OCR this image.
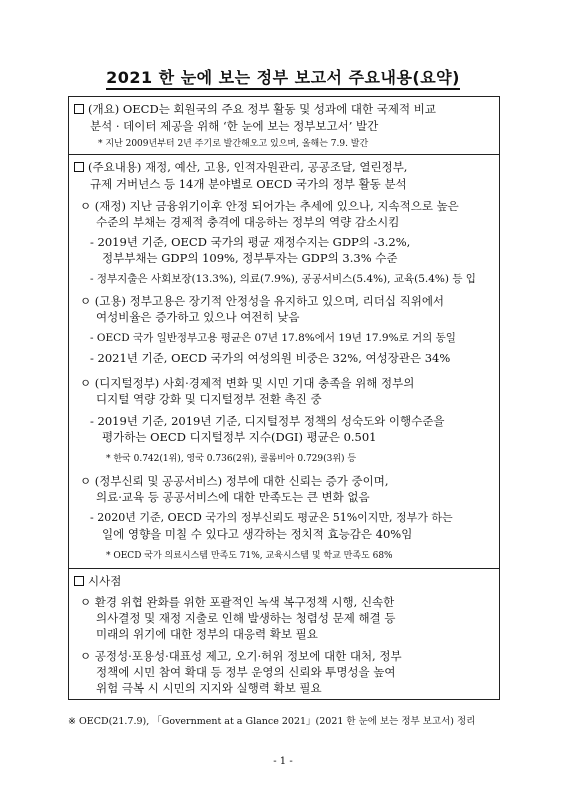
2021 한 눈에 보는 정부 보고서 주요내용(요약)
(개요) OECD는 회원국의 주요 정부 활동 및 성과에 대한 국제적 비교
분석 · 데이터 제공을 위해 ‘한 눈에 보는 정부보고서’ 발간
* 지난 2009년부터 2년 주기로 발간해오고 있으며, 올해는 7.9. 발간
(주요내용) 재정, 예산, 고용, 인적자원관리, 공공조달, 열린정부,
규제 거버넌스 등 14개 분야별로 OECD 국가의 정부 활동 분석
ㅇ (재정) 지난 금융위기이후 안정 되어가는 추세에 있으나, 지속적으로 높은
수준의 부채는 경제적 충격에 대응하는 정부의 역량 감소시킴
- 2019년 기준, OECD 국가의 평균 재정수지는 GDP의 -3.2%,
정부부채는 GDP의 109%, 정부투자는 GDP의 3.3% 수준
- 정부지출은 사회보장(13.3%), 의료(7.9%), 공공서비스(5.4%), 교육(5.4%) 등 입
ㅇ (고용) 정부고용은 장기적 안정성을 유지하고 있으며, 리더십 직위에서
여성비율은 증가하고 있으나 여전히 낮음
- OECD 국가 일반정부고용 평균은 07년 17.8%에서 19년 17.9%로 거의 동일
- 2021년 기준, OECD 국가의 여성의원 비중은 32%, 여성장관은 34%
ㅇ (디지털정부) 사회·경제적 변화 및 시민 기대 충족을 위해 정부의
디지털 역량 강화 및 디지털정부 전환 촉진 중
- 2019년 기준, 2019년 기준, 디지털정부 정책의 성숙도와 이행수준을
평가하는 OECD 디지털정부 지수(DGI) 평균은 0.501
* 한국 0.742(1위), 영국 0.736(2위), 콜롬비아 0.729(3위) 등
ㅇ (정부신뢰 및 공공서비스) 정부에 대한 신뢰는 증가 중이며,
의료·교육 등 공공서비스에 대한 만족도는 큰 변화 없음
- 2020년 기준, OECD 국가의 정부신뢰도 평균은 51%이지만, 정부가 하는
일에 영향을 미칠 수 있다고 생각하는 정치적 효능감은 40%임
* OECD 국가 의료시스템 만족도 71%, 교육시스템 및 학교 만족도 68%
시사점
ㅇ 환경 위협 완화를 위한 포괄적인 녹색 복구정책 시행, 신속한
의사결정 및 재정 지출로 인해 발생하는 청렴성 문제 해결 등
미래의 위기에 대한 정부의 대응력 확보 필요
ㅇ 공정성·포용성·대표성 제고, 오기·허위 정보에 대한 대처, 정부
정책에 시민 참여 확대 등 정부 운영의 신뢰와 투명성을 높여
위험 극복 시 시민의 지지와 실행력 확보 필요
※ OECD(21.7.9), 「Government at a Glance 2021」(2021 한 눈에 보는 정부 보고서) 정리
- 1 -
